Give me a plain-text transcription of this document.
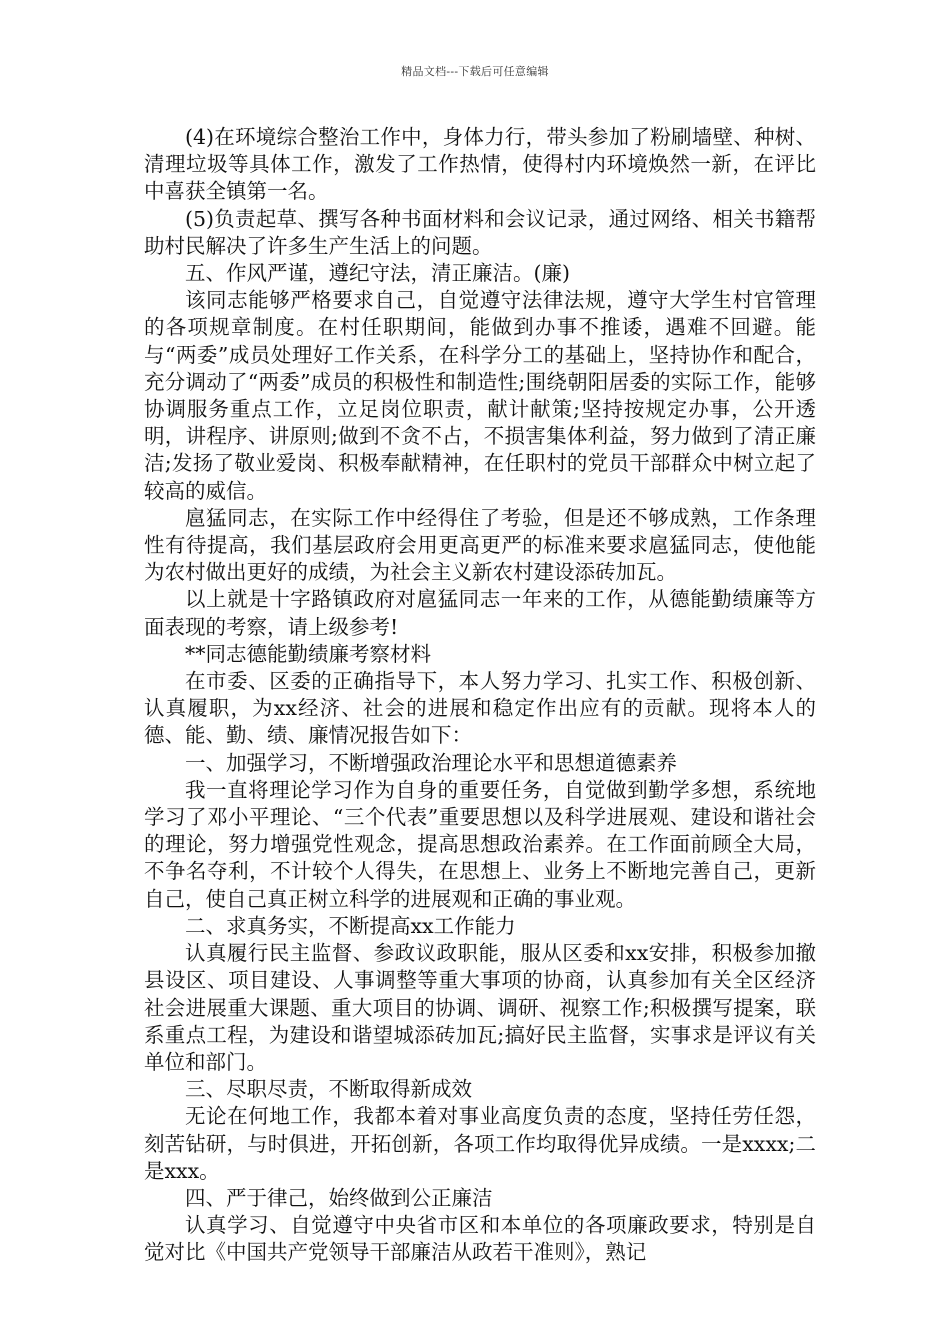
精品文档---下载后可任意编辑

(4)在环境综合整治工作中，身体力行，带头参加了粉刷墙壁、种树、清理垃圾等具体工作，激发了工作热情，使得村内环境焕然一新，在评比中喜获全镇第一名。

(5)负责起草、撰写各种书面材料和会议记录，通过网络、相关书籍帮助村民解决了许多生产生活上的问题。

五、作风严谨，遵纪守法，清正廉洁。(廉)

该同志能够严格要求自己，自觉遵守法律法规，遵守大学生村官管理的各项规章制度。在村任职期间，能做到办事不推诿，遇难不回避。能与“两委”成员处理好工作关系，在科学分工的基础上，坚持协作和配合，充分调动了“两委”成员的积极性和制造性;围绕朝阳居委的实际工作，能够协调服务重点工作，立足岗位职责，献计献策;坚持按规定办事，公开透明，讲程序、讲原则;做到不贪不占，不损害集体利益，努力做到了清正廉洁;发扬了敬业爱岗、积极奉献精神，在任职村的党员干部群众中树立起了较高的威信。

扈猛同志，在实际工作中经得住了考验，但是还不够成熟，工作条理性有待提高，我们基层政府会用更高更严的标准来要求扈猛同志，使他能为农村做出更好的成绩，为社会主义新农村建设添砖加瓦。

以上就是十字路镇政府对扈猛同志一年来的工作，从德能勤绩廉等方面表现的考察，请上级参考!

**同志德能勤绩廉考察材料

在市委、区委的正确指导下，本人努力学习、扎实工作、积极创新、认真履职，为xx经济、社会的进展和稳定作出应有的贡献。现将本人的德、能、勤、绩、廉情况报告如下：

一、加强学习，不断增强政治理论水平和思想道德素养

我一直将理论学习作为自身的重要任务，自觉做到勤学多想，系统地学习了邓小平理论、“三个代表”重要思想以及科学进展观、建设和谐社会的理论，努力增强党性观念，提高思想政治素养。在工作面前顾全大局，不争名夺利，不计较个人得失，在思想上、业务上不断地完善自己，更新自己，使自己真正树立科学的进展观和正确的事业观。

二、求真务实，不断提高xx工作能力

认真履行民主监督、参政议政职能，服从区委和xx安排，积极参加撤县设区、项目建设、人事调整等重大事项的协商，认真参加有关全区经济社会进展重大课题、重大项目的协调、调研、视察工作;积极撰写提案，联系重点工程，为建设和谐望城添砖加瓦;搞好民主监督，实事求是评议有关单位和部门。

三、尽职尽责，不断取得新成效

无论在何地工作，我都本着对事业高度负责的态度，坚持任劳任怨，刻苦钻研，与时俱进，开拓创新，各项工作均取得优异成绩。一是xxxx;二是xxx。

四、严于律己，始终做到公正廉洁

认真学习、自觉遵守中央省市区和本单位的各项廉政要求，特别是自觉对比《中国共产党领导干部廉洁从政若干准则》，熟记
